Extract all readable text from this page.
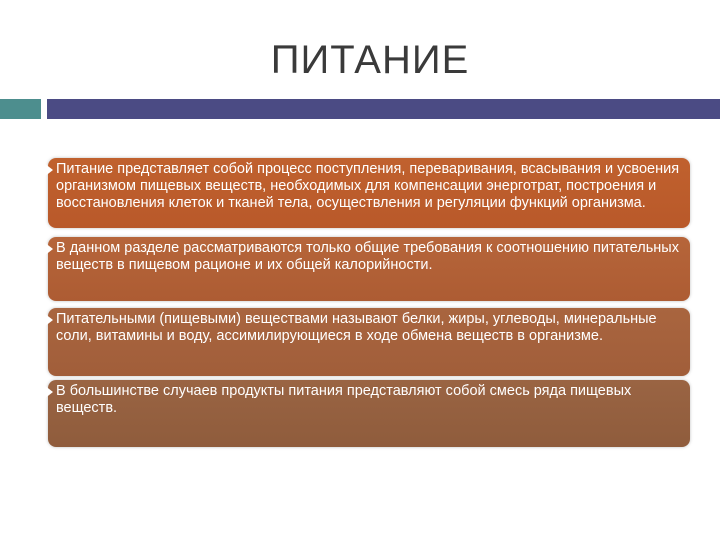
ПИТАНИЕ
Питание представляет собой процесс поступления, переваривания, всасывания и усвоения организмом пищевых веществ, необходимых для компенсации энерготрат, построения и восстановления клеток и тканей тела, осуществления и регуляции функций организма.
В данном разделе рассматриваются только общие требования к соотношению питательных веществ в пищевом рационе и их общей калорийности.
Питательными (пищевыми) веществами называют белки, жиры, углеводы, минеральные соли, витамины и воду, ассимилирующиеся в ходе обмена веществ в организме.
В большинстве случаев продукты питания представляют собой смесь ряда пищевых веществ.
